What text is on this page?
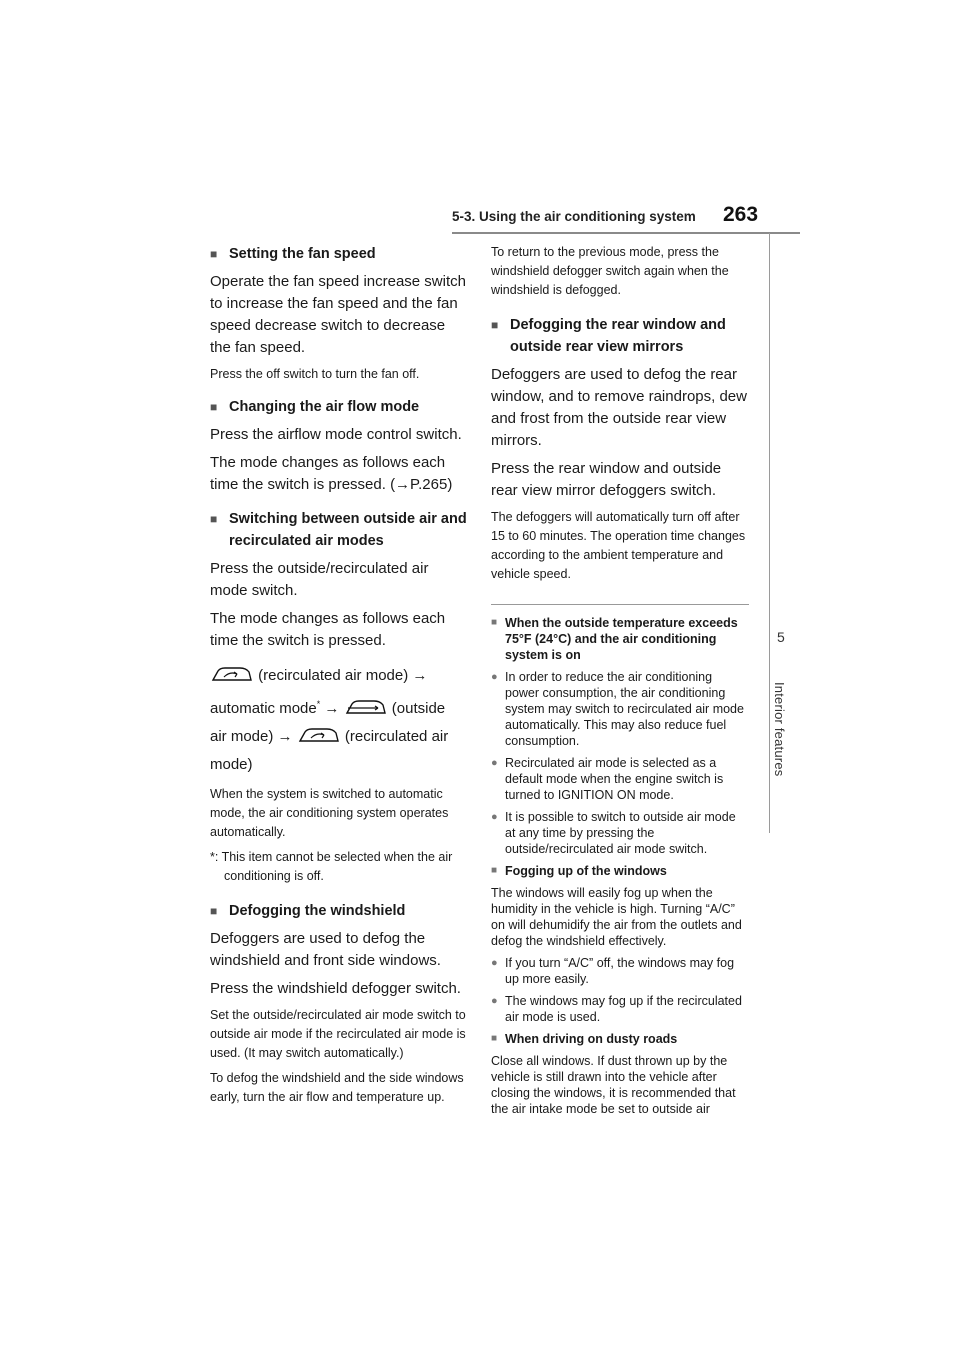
5-3. Using the air conditioning system 263
5
Interior features
■ Setting the fan speed
Operate the fan speed increase switch to increase the fan speed and the fan speed decrease switch to decrease the fan speed.
Press the off switch to turn the fan off.
■ Changing the air flow mode
Press the airflow mode control switch.
The mode changes as follows each time the switch is pressed. (→P.265)
■ Switching between outside air and recirculated air modes
Press the outside/recirculated air mode switch.
The mode changes as follows each time the switch is pressed.
(recirculated air mode) →
automatic mode* →	(outside
air mode) →	(recirculated air
mode)
When the system is switched to automatic mode, the air conditioning system operates automatically.
*: This item cannot be selected when the air conditioning is off.
■ Defogging the windshield
Defoggers are used to defog the windshield and front side windows.
Press the windshield defogger switch.
Set the outside/recirculated air mode switch to outside air mode if the recirculated air mode is used. (It may switch automatically.)
To defog the windshield and the side windows early, turn the air flow and temperature up.
To return to the previous mode, press the windshield defogger switch again when the windshield is defogged.
■ Defogging the rear window and outside rear view mirrors
Defoggers are used to defog the rear window, and to remove raindrops, dew and frost from the outside rear view mirrors.
Press the rear window and outside rear view mirror defoggers switch.
The defoggers will automatically turn off after 15 to 60 minutes. The operation time changes according to the ambient temperature and vehicle speed.
■ When the outside temperature exceeds 75°F (24°C) and the air conditioning system is on
● In order to reduce the air conditioning power consumption, the air conditioning system may switch to recirculated air mode automatically. This may also reduce fuel consumption.
● Recirculated air mode is selected as a default mode when the engine switch is turned to IGNITION ON mode.
● It is possible to switch to outside air mode at any time by pressing the outside/recirculated air mode switch.
■ Fogging up of the windows
The windows will easily fog up when the humidity in the vehicle is high. Turning “A/C” on will dehumidify the air from the outlets and defog the windshield effectively.
● If you turn “A/C” off, the windows may fog up more easily.
● The windows may fog up if the recirculated air mode is used.
■ When driving on dusty roads
Close all windows. If dust thrown up by the vehicle is still drawn into the vehicle after closing the windows, it is recommended that the air intake mode be set to outside air
